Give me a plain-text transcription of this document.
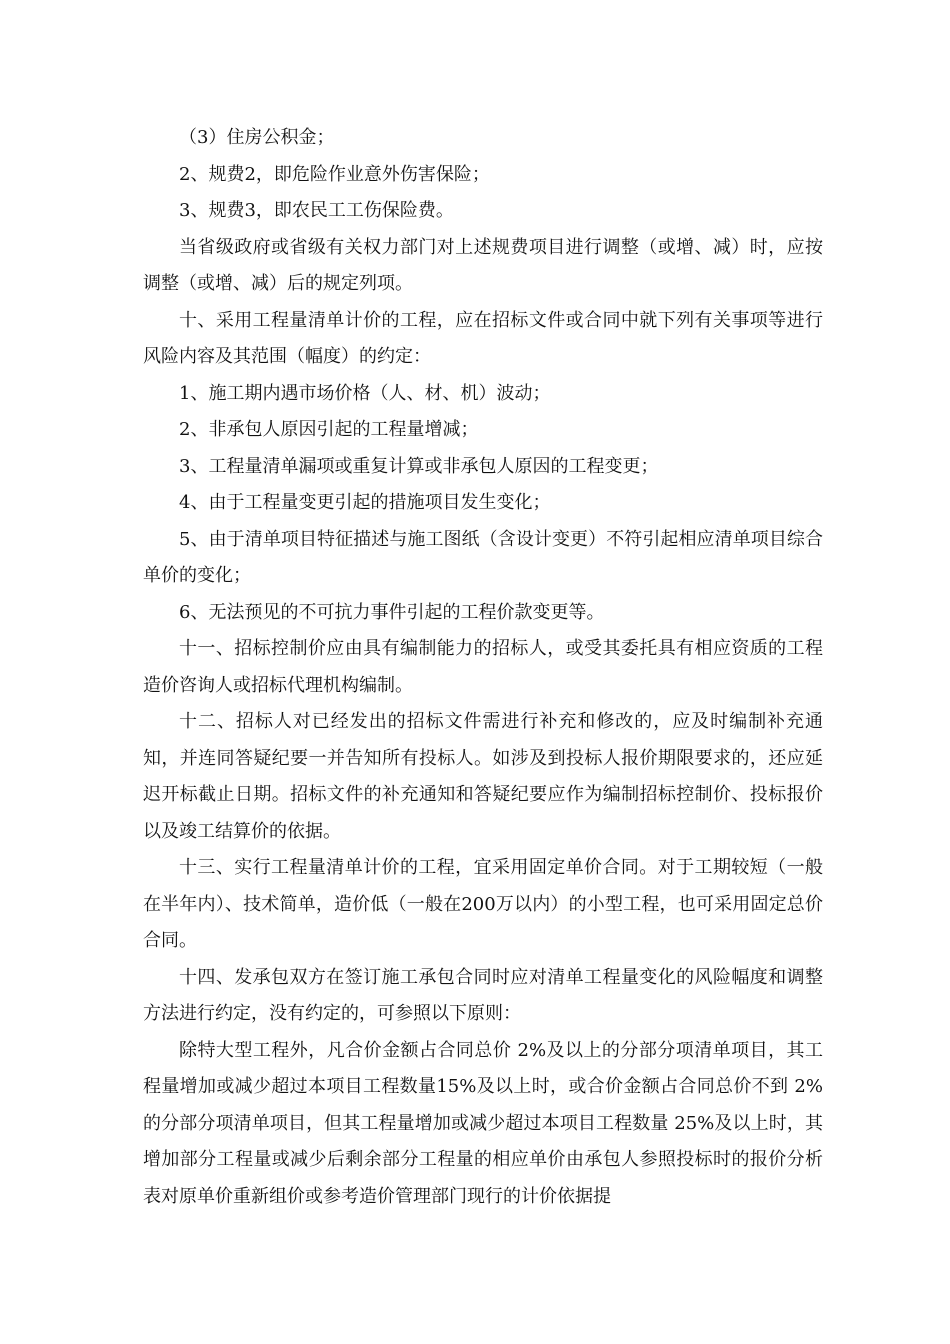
（3）住房公积金；

2、规费2，即危险作业意外伤害保险；

3、规费3，即农民工工伤保险费。

当省级政府或省级有关权力部门对上述规费项目进行调整（或增、减）时，应按调整（或增、减）后的规定列项。

十、采用工程量清单计价的工程，应在招标文件或合同中就下列有关事项等进行风险内容及其范围（幅度）的约定：

1、施工期内遇市场价格（人、材、机）波动；

2、非承包人原因引起的工程量增减；

3、工程量清单漏项或重复计算或非承包人原因的工程变更；

4、由于工程量变更引起的措施项目发生变化；

5、由于清单项目特征描述与施工图纸（含设计变更）不符引起相应清单项目综合单价的变化；

6、无法预见的不可抗力事件引起的工程价款变更等。

十一、招标控制价应由具有编制能力的招标人，或受其委托具有相应资质的工程造价咨询人或招标代理机构编制。

十二、招标人对已经发出的招标文件需进行补充和修改的，应及时编制补充通知，并连同答疑纪要一并告知所有投标人。如涉及到投标人报价期限要求的，还应延迟开标截止日期。招标文件的补充通知和答疑纪要应作为编制招标控制价、投标报价以及竣工结算价的依据。

十三、实行工程量清单计价的工程，宜采用固定单价合同。对于工期较短（一般在半年内）、技术简单，造价低（一般在200万以内）的小型工程，也可采用固定总价合同。

十四、发承包双方在签订施工承包合同时应对清单工程量变化的风险幅度和调整方法进行约定，没有约定的，可参照以下原则：

除特大型工程外，凡合价金额占合同总价 2%及以上的分部分项清单项目，其工程量增加或减少超过本项目工程数量15%及以上时，或合价金额占合同总价不到 2%的分部分项清单项目，但其工程量增加或减少超过本项目工程数量 25%及以上时，其增加部分工程量或减少后剩余部分工程量的相应单价由承包人参照投标时的报价分析表对原单价重新组价或参考造价管理部门现行的计价依据提
